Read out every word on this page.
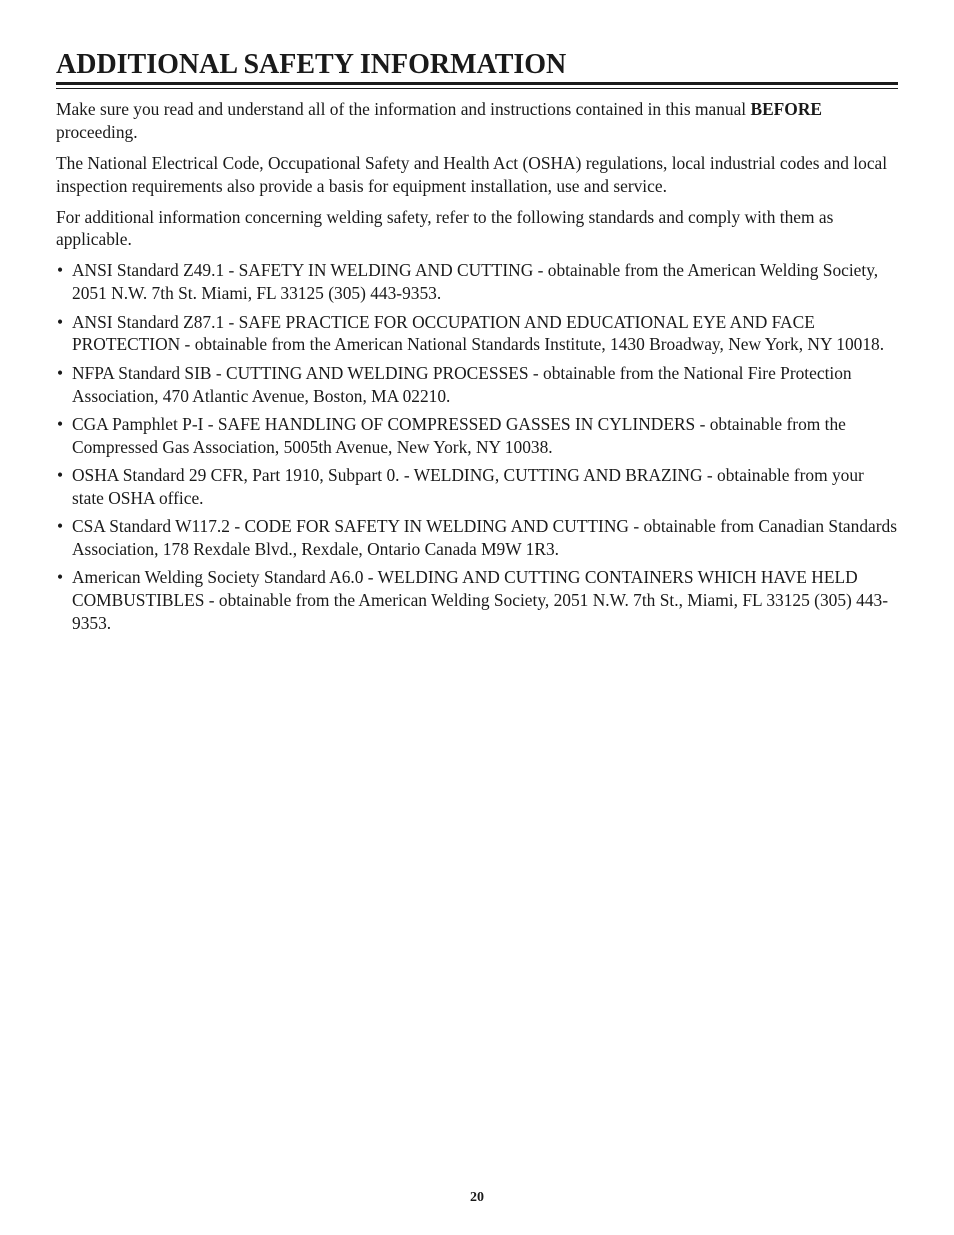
ADDITIONAL SAFETY INFORMATION

Make sure you read and understand all of the information and instructions contained in this manual BEFORE proceeding.

The National Electrical Code, Occupational Safety and Health Act (OSHA) regulations, local industrial codes and local inspection requirements also provide a basis for equipment installation, use and service.

For additional information concerning welding safety, refer to the following standards and comply with them as applicable.

• ANSI Standard Z49.1 - SAFETY IN WELDING AND CUTTING - obtainable from the American Welding Society, 2051 N.W. 7th St. Miami, FL 33125 (305) 443-9353.
• ANSI Standard Z87.1 - SAFE PRACTICE FOR OCCUPATION AND EDUCATIONAL EYE AND FACE PROTECTION - obtainable from the American National Standards Institute, 1430 Broadway, New York, NY 10018.
• NFPA Standard SIB - CUTTING AND WELDING PROCESSES - obtainable from the National Fire Protection Association, 470 Atlantic Avenue, Boston, MA 02210.
• CGA Pamphlet P-I - SAFE HANDLING OF COMPRESSED GASSES IN CYLINDERS - obtainable from the Compressed Gas Association, 5005th Avenue, New York, NY 10038.
• OSHA Standard 29 CFR, Part 1910, Subpart 0. - WELDING, CUTTING AND BRAZING - obtainable from your state OSHA office.
• CSA Standard W117.2 - CODE FOR SAFETY IN WELDING AND CUTTING - obtainable from Canadian Standards Association, 178 Rexdale Blvd., Rexdale, Ontario Canada M9W 1R3.
• American Welding Society Standard A6.0 - WELDING AND CUTTING CONTAINERS WHICH HAVE HELD COMBUSTIBLES - obtainable from the American Welding Society, 2051 N.W. 7th St., Miami, FL 33125 (305) 443-9353.
20
